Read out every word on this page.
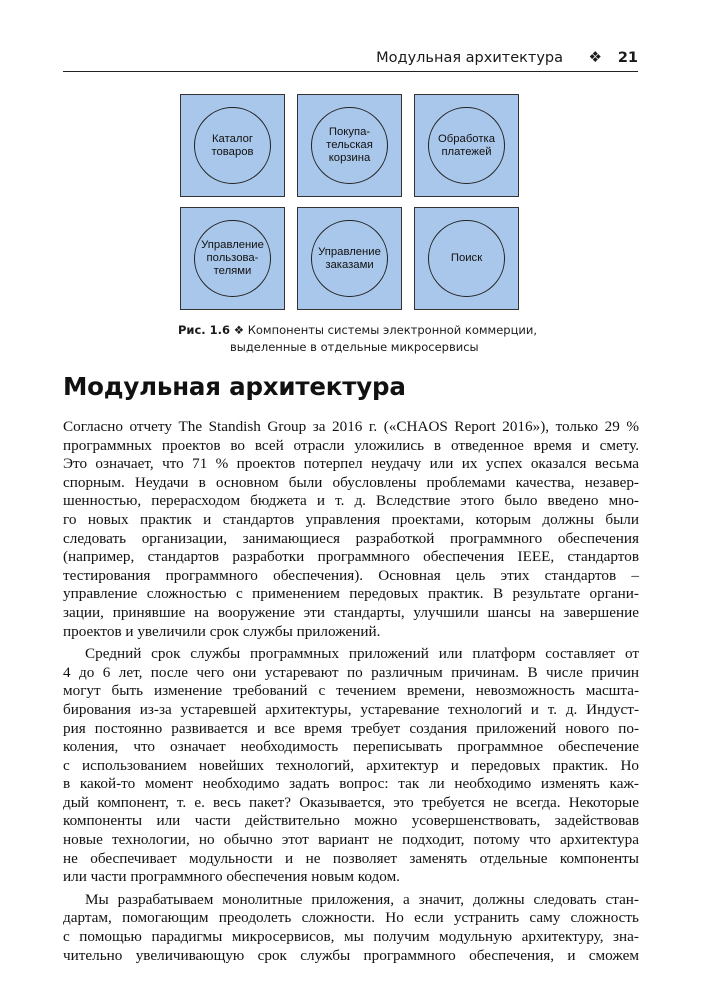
Модульная архитектура ❖ 21
Каталог
товаров
Покупа-
тельская
корзина
Обработка
платежей
Управление
пользова-
телями
Управление
заказами
Поиск
Рис. 1.6 ❖ Компоненты системы электронной коммерции,
выделенные в отдельные микросервисы
Модульная архитектура
Согласно отчету The Standish Group за 2016 г. («CHAOS Report 2016»), только 29 %
программных проектов во всей отрасли уложились в отведенное время и смету.
Это означает, что 71 % проектов потерпел неудачу или их успех оказался весьма
спорным. Неудачи в основном были обусловлены проблемами качества, незавер-
шенностью, перерасходом бюджета и т. д. Вследствие этого было введено мно-
го новых практик и стандартов управления проектами, которым должны были
следовать организации, занимающиеся разработкой программного обеспечения
(например, стандартов разработки программного обеспечения IEEE, стандартов
тестирования программного обеспечения). Основная цель этих стандартов –
управление сложностью с применением передовых практик. В результате органи-
зации, принявшие на вооружение эти стандарты, улучшили шансы на завершение
проектов и увеличили срок службы приложений.
Средний срок службы программных приложений или платформ составляет от
4 до 6 лет, после чего они устаревают по различным причинам. В числе причин
могут быть изменение требований с течением времени, невозможность масшта-
бирования из-за устаревшей архитектуры, устаревание технологий и т. д. Индуст-
рия постоянно развивается и все время требует создания приложений нового по-
коления, что означает необходимость переписывать программное обеспечение
с использованием новейших технологий, архитектур и передовых практик. Но
в какой-то момент необходимо задать вопрос: так ли необходимо изменять каж-
дый компонент, т. е. весь пакет? Оказывается, это требуется не всегда. Некоторые
компоненты или части действительно можно усовершенствовать, задействовав
новые технологии, но обычно этот вариант не подходит, потому что архитектура
не обеспечивает модульности и не позволяет заменять отдельные компоненты
или части программного обеспечения новым кодом.
Мы разрабатываем монолитные приложения, а значит, должны следовать стан-
дартам, помогающим преодолеть сложности. Но если устранить саму сложность
с помощью парадигмы микросервисов, мы получим модульную архитектуру, зна-
чительно увеличивающую срок службы программного обеспечения, и сможем
